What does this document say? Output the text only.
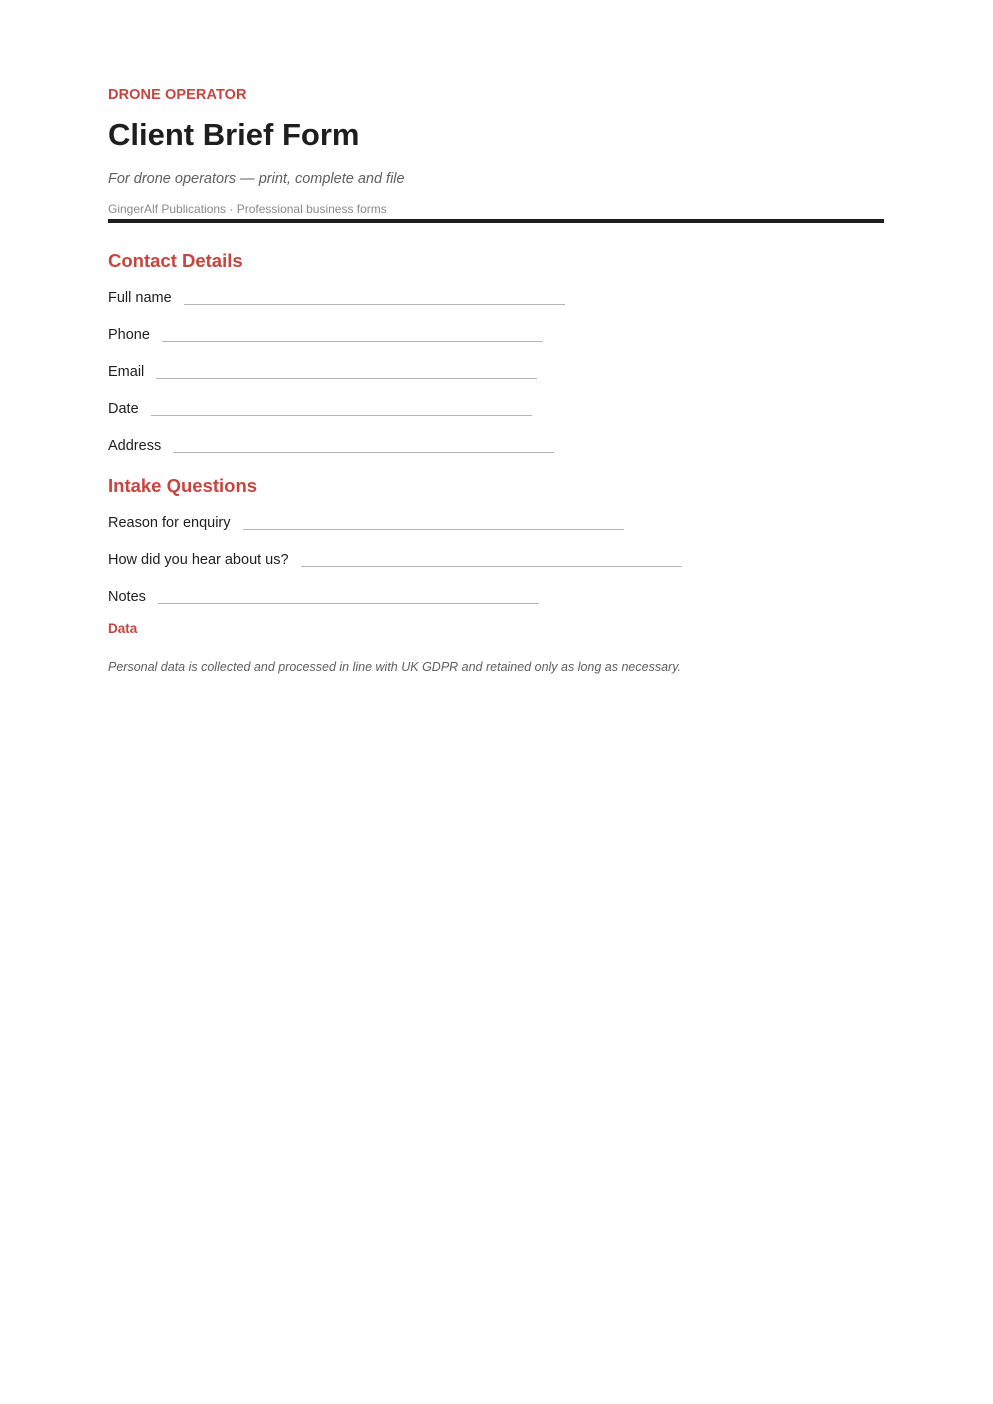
DRONE OPERATOR
Client Brief Form
For drone operators — print, complete and file
GingerAlf Publications · Professional business forms
Contact Details
Full name
Phone
Email
Date
Address
Intake Questions
Reason for enquiry
How did you hear about us?
Notes
Data
Personal data is collected and processed in line with UK GDPR and retained only as long as necessary.
